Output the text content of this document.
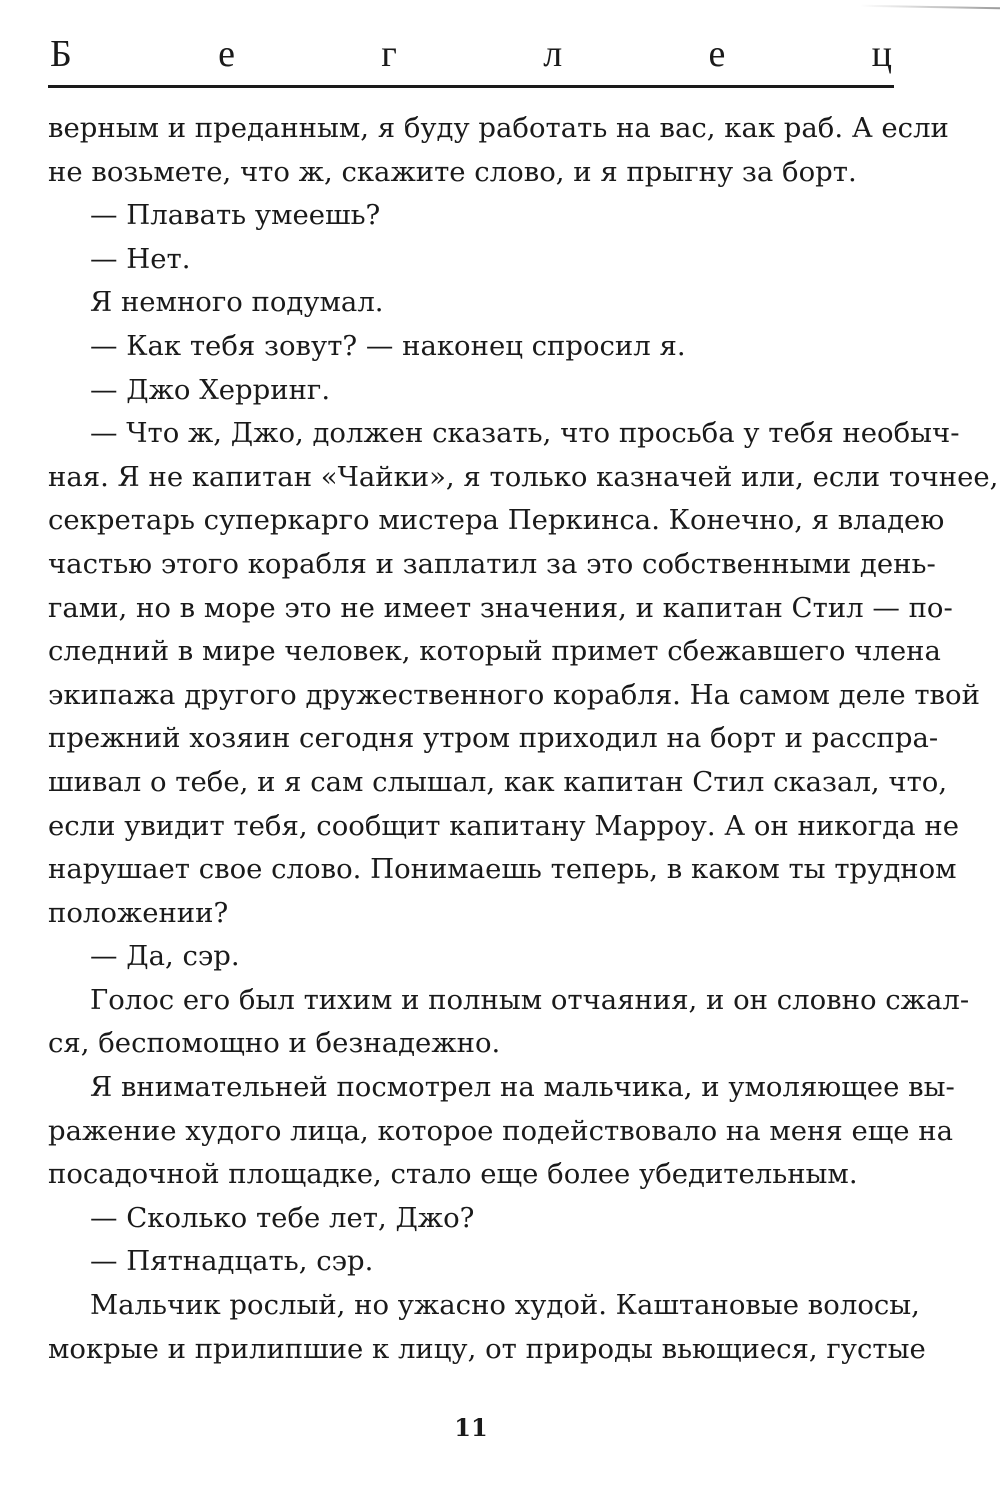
Б	е	г	л	е	ц
верным и преданным, я буду работать на вас, как раб. А если
не возьмете, что ж, скажите слово, и я прыгну за борт.
— Плавать умеешь?
— Нет.
Я немного подумал.
— Как тебя зовут? — наконец спросил я.
— Джо Херринг.
— Что ж, Джо, должен сказать, что просьба у тебя необыч-
ная. Я не капитан «Чайки», я только казначей или, если точнее,
секретарь суперкарго мистера Перкинса. Конечно, я владею
частью этого корабля и заплатил за это собственными день-
гами, но в море это не имеет значения, и капитан Стил — по-
следний в мире человек, который примет сбежавшего члена
экипажа другого дружественного корабля. На самом деле твой
прежний хозяин сегодня утром приходил на борт и расспра-
шивал о тебе, и я сам слышал, как капитан Стил сказал, что,
если увидит тебя, сообщит капитану Марроу. А он никогда не
нарушает свое слово. Понимаешь теперь, в каком ты трудном
положении?
— Да, сэр.
Голос его был тихим и полным отчаяния, и он словно сжал-
ся, беспомощно и безнадежно.
Я внимательней посмотрел на мальчика, и умоляющее вы-
ражение худого лица, которое подействовало на меня еще на
посадочной площадке, стало еще более убедительным.
— Сколько тебе лет, Джо?
— Пятнадцать, сэр.
Мальчик рослый, но ужасно худой. Каштановые волосы,
мокрые и прилипшие к лицу, от природы вьющиеся, густые
11
